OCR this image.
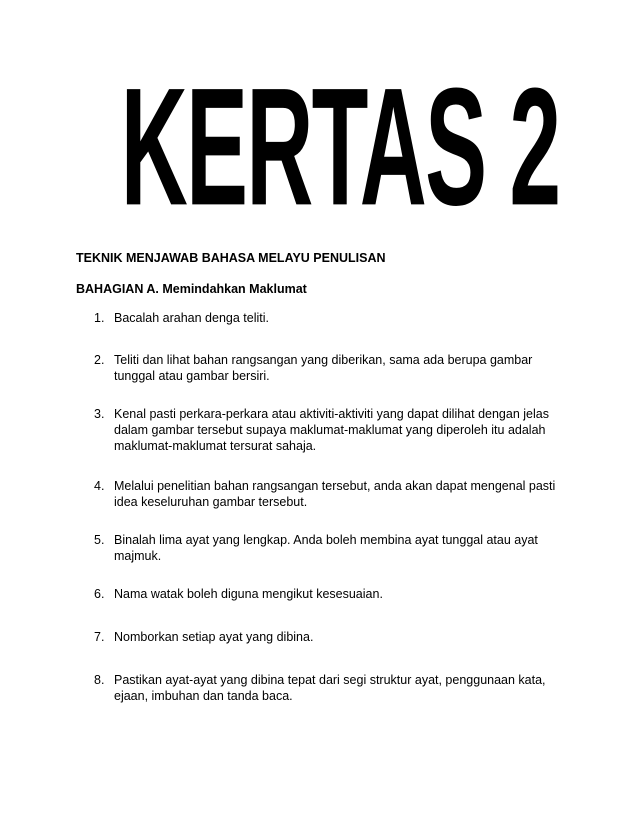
KERTAS 2
TEKNIK MENJAWAB BAHASA MELAYU PENULISAN
BAHAGIAN A. Memindahkan Maklumat
1. Bacalah arahan denga teliti.
2. Teliti dan lihat bahan rangsangan yang diberikan, sama ada berupa gambar tunggal atau gambar bersiri.
3. Kenal pasti perkara-perkara atau aktiviti-aktiviti yang dapat dilihat dengan jelas dalam gambar tersebut supaya maklumat-maklumat yang diperoleh itu adalah maklumat-maklumat tersurat sahaja.
4. Melalui penelitian bahan rangsangan tersebut, anda akan dapat mengenal pasti idea keseluruhan gambar tersebut.
5. Binalah lima ayat yang lengkap. Anda boleh membina ayat tunggal atau ayat majmuk.
6. Nama watak boleh diguna mengikut kesesuaian.
7. Nomborkan setiap ayat yang dibina.
8. Pastikan ayat-ayat yang dibina tepat dari segi struktur ayat, penggunaan kata, ejaan, imbuhan dan tanda baca.
